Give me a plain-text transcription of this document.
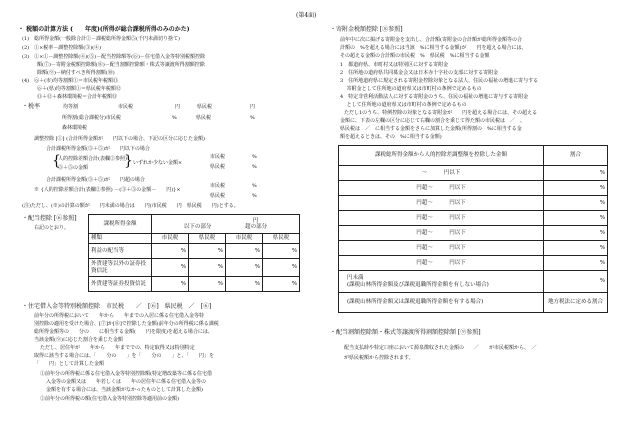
(第4面)
・ 税額の計算方法 (　　年度)(所得が総合課税所得のみのかた)
(1)　総所得金額(一般除合計②－課税総所得金額⑤(千円未満切り捨て)
(2)　①×税率－調整控除額(③)(④)
(3)　①×①－調整控除額(④)(⑤)－配当控除額等(⑥)－住宅借入金等特別税額控除
　　　額(⑦)－寄附金税額控除額(⑧)－配当割額控除額・株式等譲渡所得割額控除
　　　除額(⑨)－納付すべき所得割額(⑩)
(4)　⑥＋(市)均等割額①＝市民税年税額⑪
　　　⑥＋(県)均等割額①＝県民税年税額⑫
　　　⑪＋⑫＋森林環境税＝合計年税額⑬
・税率	均等割	市民税	円	県民税	円
所得割(総合課税分)市民税	%	県民税	%
森林環境税
調整控除 [①] (合計所得金額が　　円以下の場合、下記の区分に応じた金額)
合計課税所得金額(③＋⑤)が　　円以下の場合
人的控除差額合計(表欄②参照)
③＋⑤の金額
{	} いずれか少ない金額×
市民税	%
県民税	%
合計課税所得金額(③＋⑤)が　　円超の場合
※ {人的控除差額合計(表欄②参照) －(③＋⑤の金額－　　円)}×
市民税	%
県民税	%
(注)ただし、(※)の計算の額が　　円未満の場合は　　円(市民税　　円　県民税　　円)とする。
・配当控除 [⑥参照]
右記のとおり。
課税所得金額	円
以下の部分 超の部分			
種類	市民税	県民税	市民税	県民税
利益の配当等	%	%	%	%
外貨建等以外の証券投資信託	%	%	%	%
外貨建等証券投資信託	%	%	%	%
・住宅借入金等特別税額控除　市民税　　／　[⑥]　県民税　／　[⑥]
前年分の所得税において　　年から　　年までの入居に係る住宅借入金等特
別控除の適用を受けた場合、[⑦]か[⑧]で控除した金額(前年分の所得税に係る課税
総所得金額等の　　分の　　に相当する金額(　　円を限度)を超える場合には、
当該金額(⑨)に応じた割合を乗じた金額
ただし、居住年が　　年から　　年まででの、特定取得又は特別特定
取得に該当する場合には、「　　分の　　」を「　　分の　　」と、「　　円」を
「　　円」として計算した金額
①前年分の所得税に係る住宅借入金等特別控除額(特定増改築等に係る住宅借
入金等の金額又は　　年若しくは　　年の居住年に係る住宅借入金等の
金額を有する場合には、当該金額がなかったものとして計算した金額)
②前年分の所得税の額(住宅借入金等特別控除等適用前の金額)
・寄附金税額控除 [⑧参照]
前年中に次に掲げる寄附金を支出し、合計額(寄附金の合計額が総所得金額等の合
計額の　%を超える場合には当該　%に相当する金額)が　　円を超える場合には、
その超える金額の合計額の市民税　%　県民税　%に相当する金額
1　都道府県、市町村又は特別区に対する寄附金
2　住所地の道府県共同募金会又は日本赤十字社の支部に対する寄附金
3　住所地道府県に規定される寄附金控除対象となる法人、住民の福祉の増進に寄与する
　 寄附金として住所地の道府県又は市町村の条例で定めるもの
4　特定非営利活動法人に対する寄附金のうち、住民の福祉の増進に寄与する寄附金
　 として住所地の道府県又は市町村の条例で定めるもの
ただし1のうち、特例控除の対象となる寄附金が　　円を超える場合には、その超える
金額に、下表の左欄の区分に応じて右欄の割合を乗じて得た額の市民税は　／　、
県民税は　／　に相当する金額をさらに加算した金額(所得割の　%に相当する金
額を超えるときは、その　%に相当する金額)
課税総所得金額から人的控除差調整額を控除した金額	割合
～　　　円以下	%
円超～　　　円以下	%
円超～　　　円以下	%
円超～　　　円以下	%
円超～　　　円以下	%
円超～　　　円以下	%
円超～　　　円以下	%
円未満
(課税山林所得金額及び課税退職所得金額を有しない場合)	%
(課税山林所得金額又は課税退職所得金額を有する場合)	地方税法に定める割合
・配当割額控除額・株式等譲渡所得割額控除額 [⑨参照]
配当支払時や特定口座において源泉徴収された金額の　　／　　が市民税額から、　／
が県民税額から控除されます。
